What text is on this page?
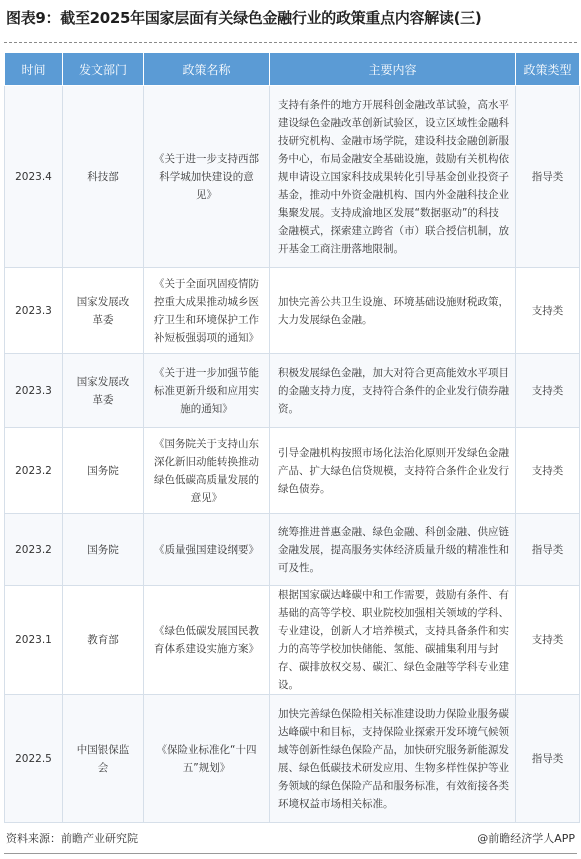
图表9：截至2025年国家层面有关绿色金融行业的政策重点内容解读(三)
时间	发文部门	政策名称	主要内容	政策类型
2023.4	科技部	《关于进一步支持西部科学城加快建设的意见》	支持有条件的地方开展科创金融改革试验，高水平建设绿色金融改革创新试验区，设立区域性金融科技研究机构、金融市场学院，建设科技金融创新服务中心，布局金融安全基础设施，鼓励有关机构依规申请设立国家科技成果转化引导基金创业投资子基金，推动中外资金融机构、国内外金融科技企业集聚发展。支持成渝地区发展“数据驱动”的科技金融模式，探索建立跨省（市）联合授信机制，放开基金工商注册落地限制。	指导类
2023.3	国家发展改革委	《关于全面巩固疫情防控重大成果推动城乡医疗卫生和环境保护工作补短板强弱项的通知》	加快完善公共卫生设施、环境基础设施财税政策，大力发展绿色金融。	支持类
2023.3	国家发展改革委	《关于进一步加强节能标准更新升级和应用实施的通知》	积极发展绿色金融，加大对符合更高能效水平项目的金融支持力度，支持符合条件的企业发行债券融资。	支持类
2023.2	国务院	《国务院关于支持山东深化新旧动能转换推动绿色低碳高质量发展的意见》	引导金融机构按照市场化法治化原则开发绿色金融产品、扩大绿色信贷规模，支持符合条件企业发行绿色债券。	支持类
2023.2	国务院	《质量强国建设纲要》	统筹推进普惠金融、绿色金融、科创金融、供应链金融发展，提高服务实体经济质量升级的精准性和可及性。	指导类
2023.1	教育部	《绿色低碳发展国民教育体系建设实施方案》	根据国家碳达峰碳中和工作需要，鼓励有条件、有基础的高等学校、职业院校加强相关领域的学科、专业建设，创新人才培养模式，支持具备条件和实力的高等学校加快储能、氢能、碳捕集利用与封存、碳排放权交易、碳汇、绿色金融等学科专业建设。	支持类
2022.5	中国银保监会	《保险业标准化“十四五”规划》	加快完善绿色保险相关标准建设助力保险业服务碳达峰碳中和目标，支持保险业探索开发环境气候领域等创新性绿色保险产品，加快研究服务新能源发展、绿色低碳技术研发应用、生物多样性保护等业务领域的绿色保险产品和服务标准，有效衔接各类环境权益市场相关标准。	指导类
资料来源：前瞻产业研究院	@前瞻经济学人APP
